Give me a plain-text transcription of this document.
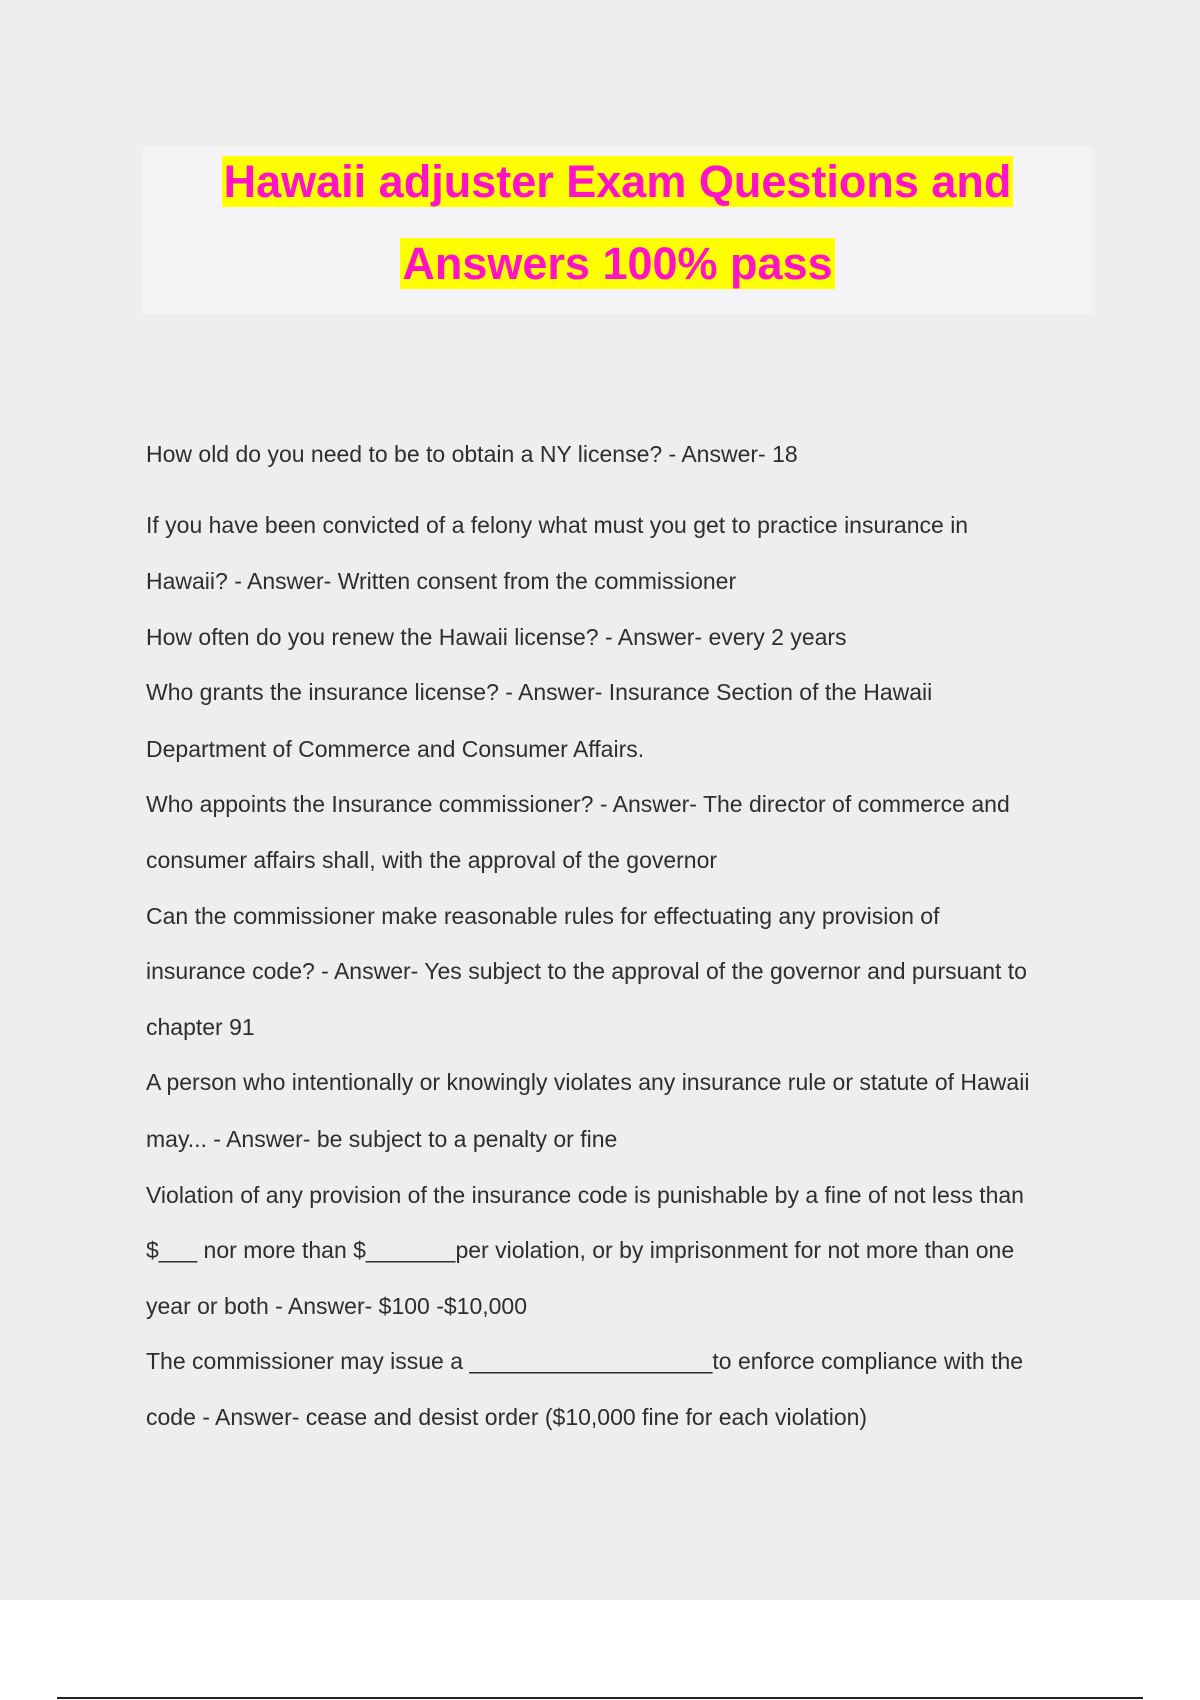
Hawaii adjuster Exam Questions and
Answers 100% pass
How old do you need to be to obtain a NY license? - Answer- 18
If you have been convicted of a felony what must you get to practice insurance in
Hawaii? - Answer- Written consent from the commissioner
How often do you renew the Hawaii license? - Answer- every 2 years
Who grants the insurance license? - Answer- Insurance Section of the Hawaii
Department of Commerce and Consumer Affairs.
Who appoints the Insurance commissioner? - Answer- The director of commerce and
consumer affairs shall, with the approval of the governor
Can the commissioner make reasonable rules for effectuating any provision of
insurance code? - Answer- Yes subject to the approval of the governor and pursuant to
chapter 91
A person who intentionally or knowingly violates any insurance rule or statute of Hawaii
may... - Answer- be subject to a penalty or fine
Violation of any provision of the insurance code is punishable by a fine of not less than
$___ nor more than $_______per violation, or by imprisonment for not more than one
year or both - Answer- $100 -$10,000
The commissioner may issue a ___________________to enforce compliance with the
code - Answer- cease and desist order ($10,000 fine for each violation)
